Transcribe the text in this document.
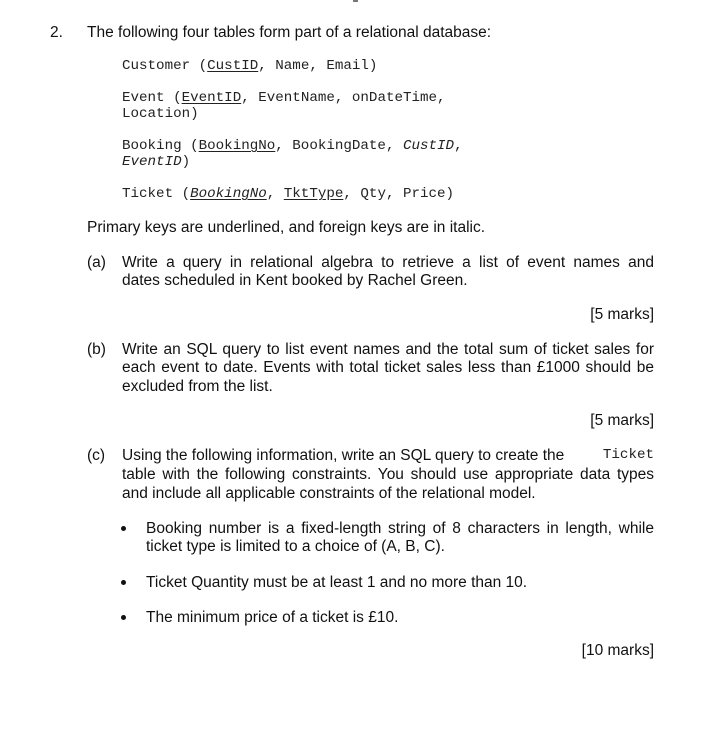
2. The following four tables form part of a relational database:
Customer (CustID, Name, Email)
Event (EventID, EventName, onDateTime,
Location)
Booking (BookingNo, BookingDate, CustID,
EventID)
Ticket (BookingNo, TktType, Qty, Price)
Primary keys are underlined, and foreign keys are in italic.
(a) Write a query in relational algebra to retrieve a list of event names and
dates scheduled in Kent booked by Rachel Green.
[5 marks]
(b) Write an SQL query to list event names and the total sum of ticket sales for
each event to date. Events with total ticket sales less than £1000 should be
excluded from the list.
[5 marks]
(c) Using the following information, write an SQL query to create the	Ticket
table with the following constraints. You should use appropriate data types
and include all applicable constraints of the relational model.
Booking number is a fixed-length string of 8 characters in length, while
ticket type is limited to a choice of (A, B, C).
Ticket Quantity must be at least 1 and no more than 10.
The minimum price of a ticket is £10.
[10 marks]
